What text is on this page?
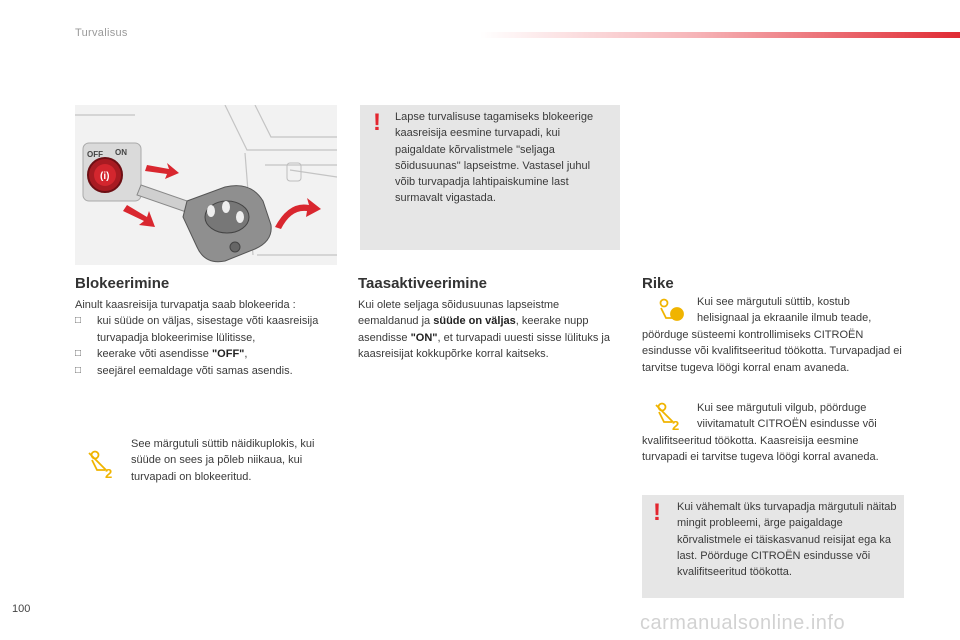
Turvalisus
OFF ON
(i)
! Lapse turvalisuse tagamiseks blokeerige kaasreisija eesmine turvapadi, kui paigaldate kõrvalistmele "seljaga sõidusuunas" lapseistme. Vastasel juhul võib turvapadja lahtipaiskumine last surmavalt vigastada.
Blokeerimine
Ainult kaasreisija turvapatja saab blokeerida :
□ kui süüde on väljas, sisestage võti kaasreisija turvapadja blokeerimise lülitisse,
□ keerake võti asendisse "OFF",
□ seejärel eemaldage võti samas asendis.
2
See märgutuli süttib näidikuplokis, kui süüde on sees ja põleb niikaua, kui turvapadi on blokeeritud.
Taasaktiveerimine
Kui olete seljaga sõidusuunas lapseistme eemaldanud ja süüde on väljas, keerake nupp asendisse "ON", et turvapadi uuesti sisse lülituks ja kaasreisijat kokkupõrke korral kaitseks.
Rike
Kui see märgutuli süttib, kostub helisignaal ja ekraanile ilmub teade, pöörduge süsteemi kontrollimiseks CITROËN esindusse või kvalifitseeritud töökotta. Turvapadjad ei tarvitse tugeva löögi korral enam avaneda.
2
Kui see märgutuli vilgub, pöörduge viivitamatult CITROËN esindusse või kvalifitseeritud töökotta. Kaasreisija eesmine turvapadi ei tarvitse tugeva löögi korral avaneda.
! Kui vähemalt üks turvapadja märgutuli näitab mingit probleemi, ärge paigaldage kõrvalistmele ei täiskasvanud reisijat ega ka last. Pöörduge CITROËN esindusse või kvalifitseeritud töökotta.
100
carmanualsonline.info
